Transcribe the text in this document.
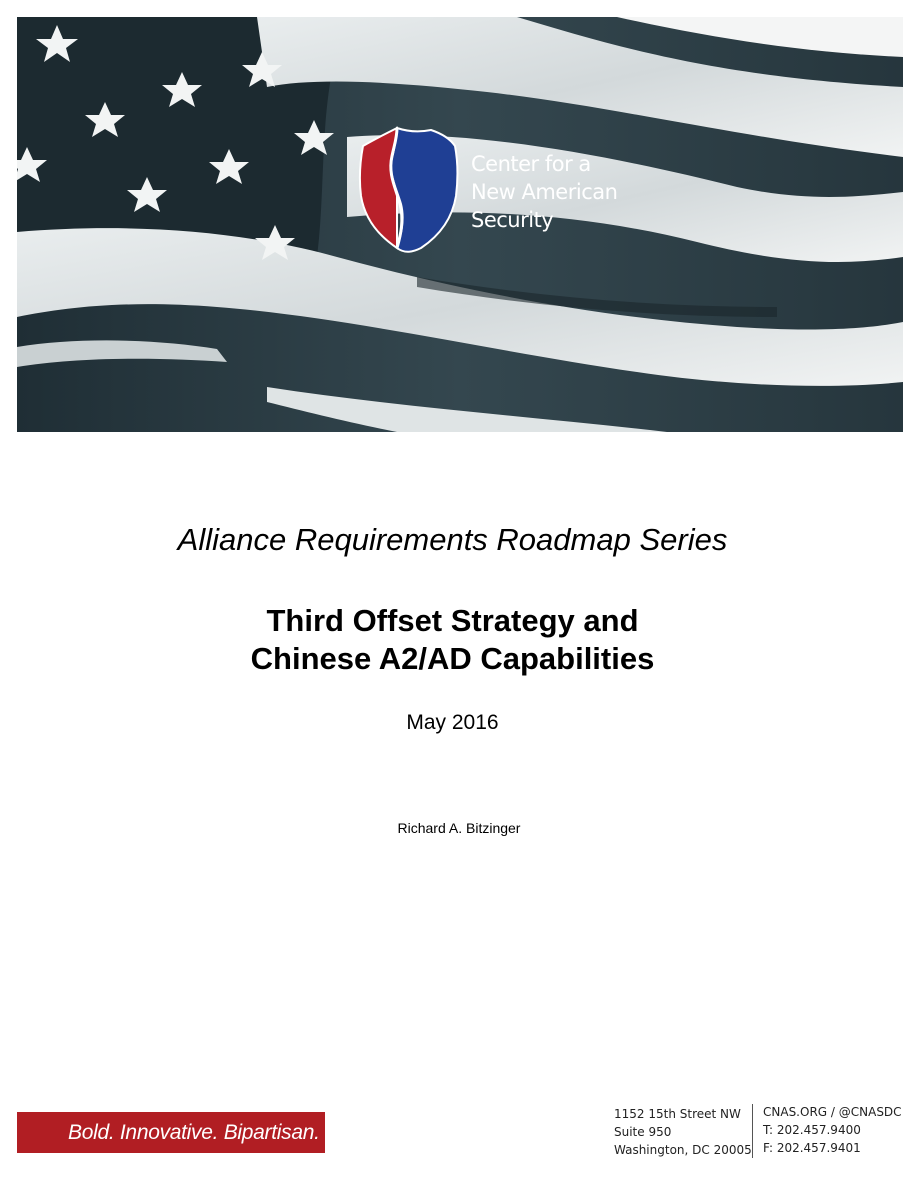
Center for a
New American
Security
Alliance Requirements Roadmap Series
Third Offset Strategy and
Chinese A2/AD Capabilities

May 2016

Richard A. Bitzinger

Bold. Innovative. Bipartisan.
1152 15th Street NW
Suite 950
Washington, DC 20005
CNAS.ORG / @CNASDC
T: 202.457.9400
F: 202.457.9401
